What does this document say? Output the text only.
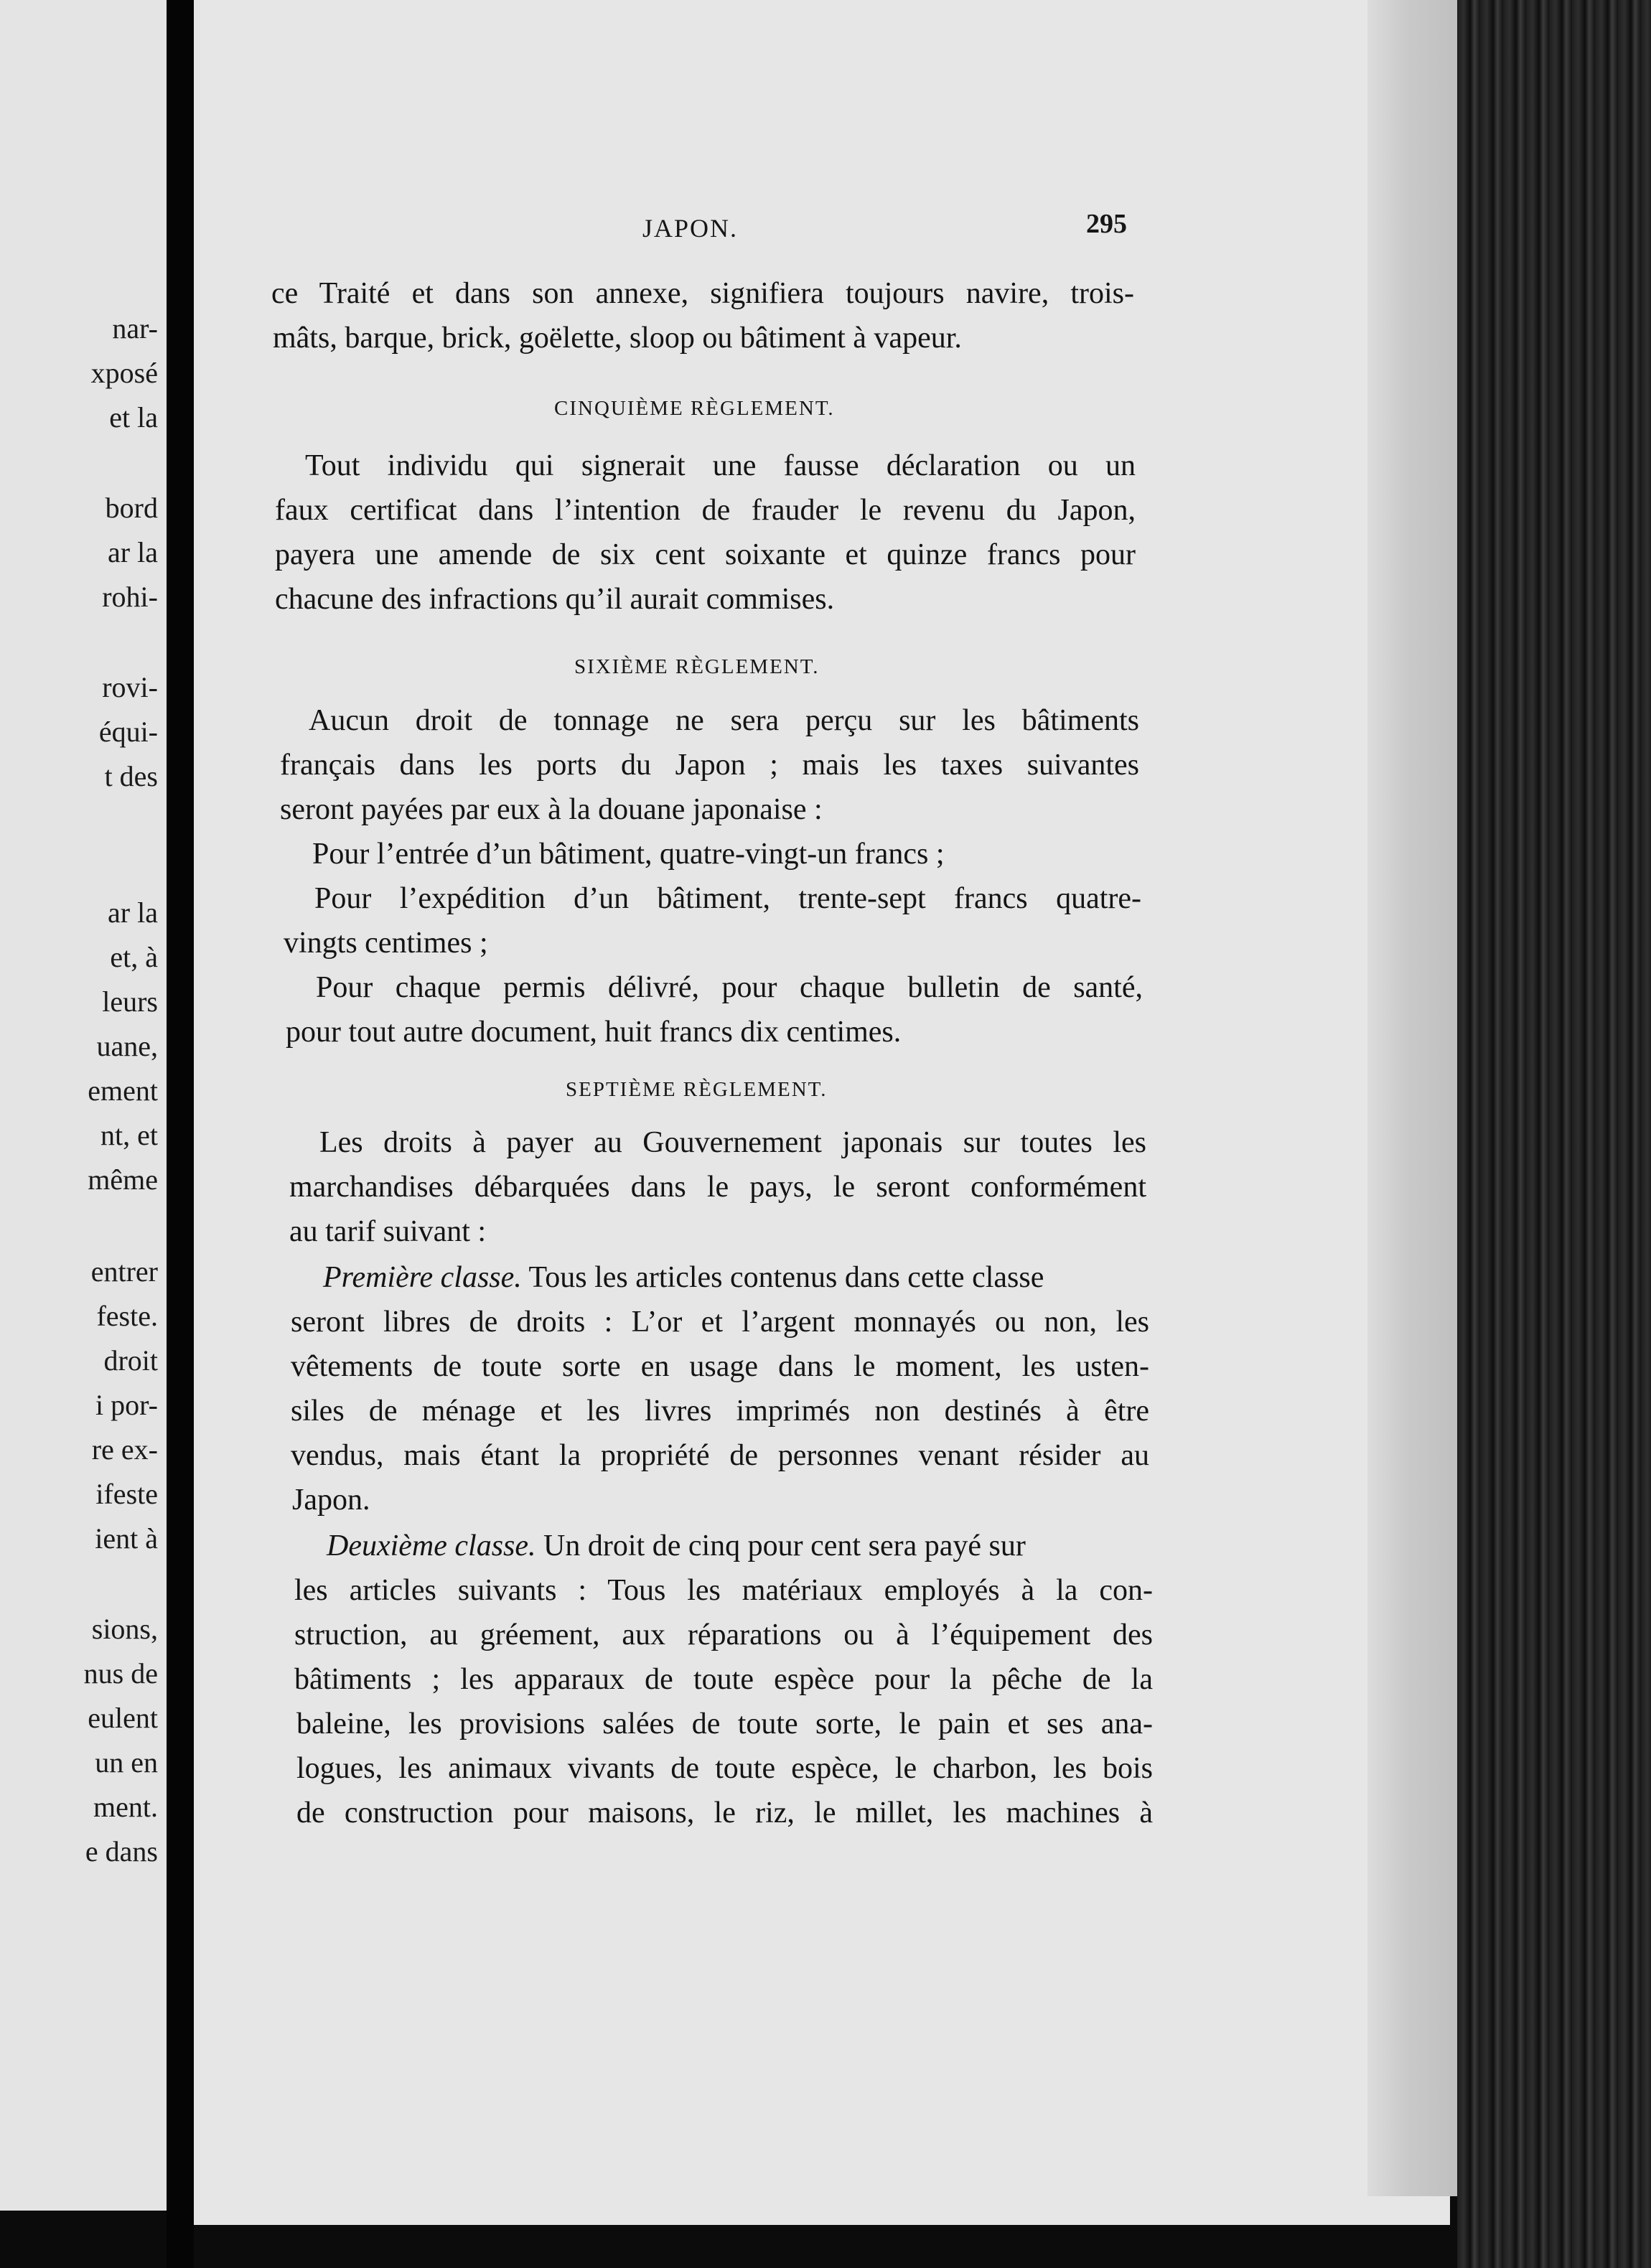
nar-
xposé
et la
bord
ar la
rohi-
rovi-
équi-
t des
ar la
et, à
leurs
uane,
ement
nt, et
même
entrer
feste.
droit
i por-
re ex-
ifeste
ient à
sions,
nus de
eulent
un en
ment.
e dans
JAPON.	295
ce Traité et dans son annexe, signifiera toujours navire, trois-
mâts, barque, brick, goëlette, sloop ou bâtiment à vapeur.
CINQUIÈME RÈGLEMENT.
Tout individu qui signerait une fausse déclaration ou un
faux certificat dans l’intention de frauder le revenu du Japon,
payera une amende de six cent soixante et quinze francs pour
chacune des infractions qu’il aurait commises.
SIXIÈME RÈGLEMENT.
Aucun droit de tonnage ne sera perçu sur les bâtiments
français dans les ports du Japon ; mais les taxes suivantes
seront payées par eux à la douane japonaise :
Pour l’entrée d’un bâtiment, quatre-vingt-un francs ;
Pour l’expédition d’un bâtiment, trente-sept francs quatre-
vingts centimes ;
Pour chaque permis délivré, pour chaque bulletin de santé,
pour tout autre document, huit francs dix centimes.
SEPTIÈME RÈGLEMENT.
Les droits à payer au Gouvernement japonais sur toutes les
marchandises débarquées dans le pays, le seront conformément
au tarif suivant :
Première classe. Tous les articles contenus dans cette classe
seront libres de droits : L’or et l’argent monnayés ou non, les
vêtements de toute sorte en usage dans le moment, les usten-
siles de ménage et les livres imprimés non destinés à être
vendus, mais étant la propriété de personnes venant résider au
Japon.
Deuxième classe. Un droit de cinq pour cent sera payé sur
les articles suivants : Tous les matériaux employés à la con-
struction, au gréement, aux réparations ou à l’équipement des
bâtiments ; les apparaux de toute espèce pour la pêche de la
baleine, les provisions salées de toute sorte, le pain et ses ana-
logues, les animaux vivants de toute espèce, le charbon, les bois
de construction pour maisons, le riz, le millet, les machines à
